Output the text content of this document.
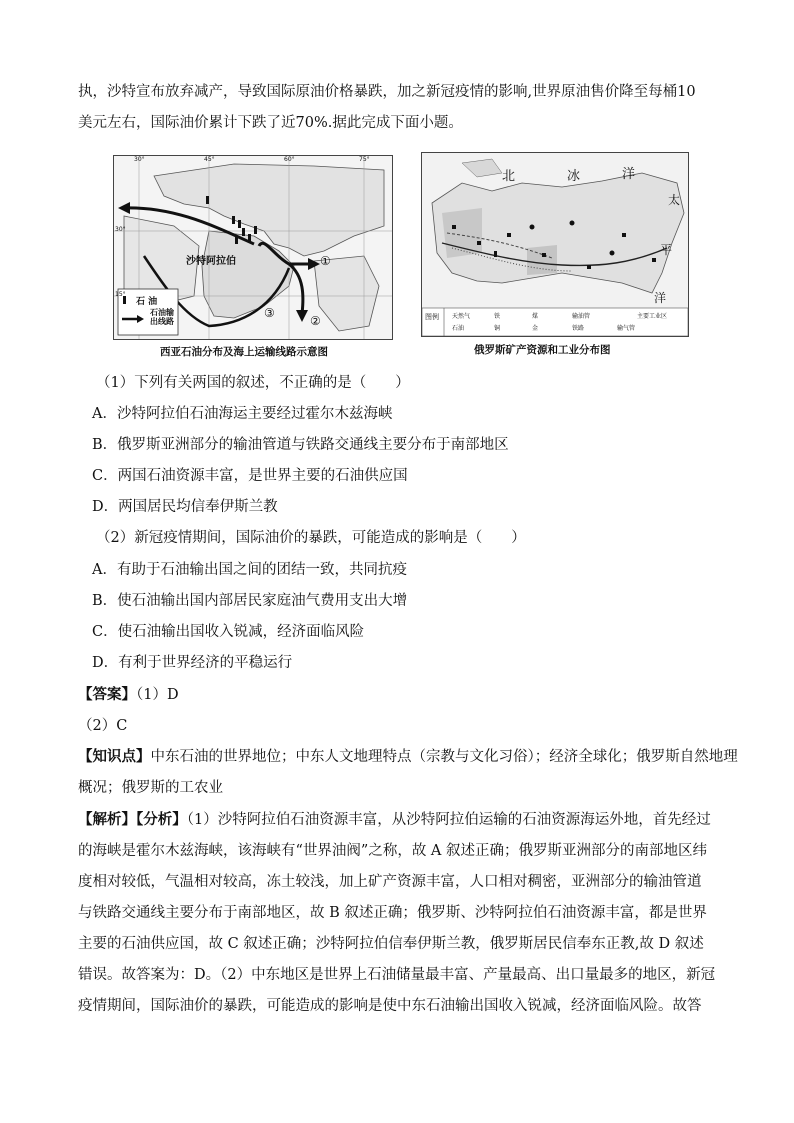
执，沙特宣布放弃减产，导致国际原油价格暴跌，加之新冠疫情的影响,世界原油售价降至每桶10
美元左右，国际油价累计下跌了近70%.据此完成下面小题。
沙特阿拉伯
石 油
石油输出线路
①
②
③
30°	45°	60°	75°
30°
15°
西亚石油分布及海上运输线路示意图
北	冰	洋
太
平
洋
图例 天然气	铁	煤
石油	铜	金	铁路
输油管
输气管
主要工业区
俄罗斯矿产资源和工业分布图
（1）下列有关两国的叙述，不正确的是（　　）
A．沙特阿拉伯石油海运主要经过霍尔木兹海峡
B．俄罗斯亚洲部分的输油管道与铁路交通线主要分布于南部地区
C．两国石油资源丰富，是世界主要的石油供应国
D．两国居民均信奉伊斯兰教
（2）新冠疫情期间，国际油价的暴跌，可能造成的影响是（　　）
A．有助于石油输出国之间的团结一致，共同抗疫
B．使石油输出国内部居民家庭油气费用支出大增
C．使石油输出国收入锐减，经济面临风险
D．有利于世界经济的平稳运行
【答案】（1）D
（2）C
【知识点】中东石油的世界地位；中东人文地理特点（宗教与文化习俗）；经济全球化；俄罗斯自然地理
概况；俄罗斯的工农业
【解析】【分析】（1）沙特阿拉伯石油资源丰富，从沙特阿拉伯运输的石油资源海运外地，首先经过
的海峡是霍尔木兹海峡，该海峡有“世界油阀”之称，故 A 叙述正确；俄罗斯亚洲部分的南部地区纬
度相对较低，气温相对较高，冻土较浅，加上矿产资源丰富，人口相对稠密，亚洲部分的输油管道
与铁路交通线主要分布于南部地区，故 B 叙述正确；俄罗斯、沙特阿拉伯石油资源丰富，都是世界
主要的石油供应国，故 C 叙述正确；沙特阿拉伯信奉伊斯兰教，俄罗斯居民信奉东正教,故 D 叙述
错误。故答案为：D。（2）中东地区是世界上石油储量最丰富、产量最高、出口量最多的地区，新冠
疫情期间，国际油价的暴跌，可能造成的影响是使中东石油输出国收入锐减，经济面临风险。故答
